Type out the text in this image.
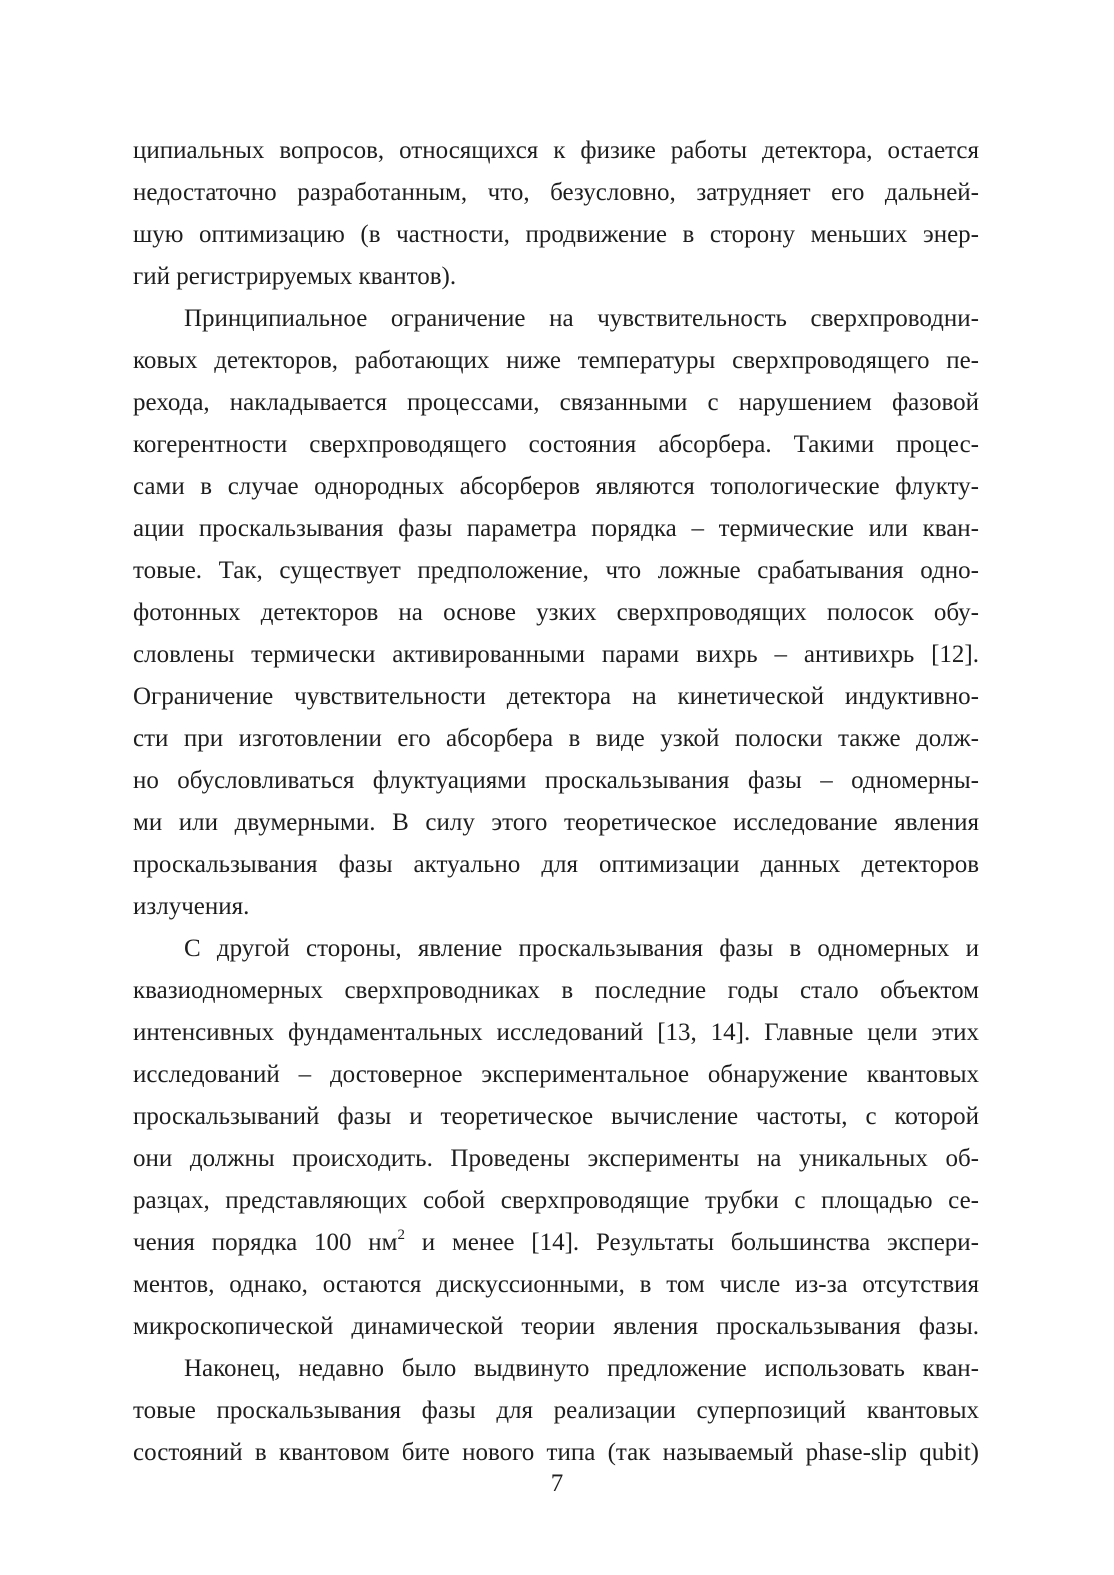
ципиальных вопросов, относящихся к физике работы детектора, остается
недостаточно разработанным, что, безусловно, затрудняет его дальней-
шую оптимизацию (в частности, продвижение в сторону меньших энер-
гий регистрируемых квантов).
Принципиальное ограничение на чувствительность сверхпроводни-
ковых детекторов, работающих ниже температуры сверхпроводящего пе-
рехода, накладывается процессами, связанными с нарушением фазовой
когерентности сверхпроводящего состояния абсорбера. Такими процес-
сами в случае однородных абсорберов являются топологические флукту-
ации проскальзывания фазы параметра порядка – термические или кван-
товые. Так, существует предположение, что ложные срабатывания одно-
фотонных детекторов на основе узких сверхпроводящих полосок обу-
словлены термически активированными парами вихрь – антивихрь [12].
Ограничение чувствительности детектора на кинетической индуктивно-
сти при изготовлении его абсорбера в виде узкой полоски также долж-
но обусловливаться флуктуациями проскальзывания фазы – одномерны-
ми или двумерными. В силу этого теоретическое исследование явления
проскальзывания фазы актуально для оптимизации данных детекторов
излучения.
С другой стороны, явление проскальзывания фазы в одномерных и
квазиодномерных сверхпроводниках в последние годы стало объектом
интенсивных фундаментальных исследований [13, 14]. Главные цели этих
исследований – достоверное экспериментальное обнаружение квантовых
проскальзываний фазы и теоретическое вычисление частоты, с которой
они должны происходить. Проведены эксперименты на уникальных об-
разцах, представляющих собой сверхпроводящие трубки с площадью се-
чения порядка 100 $нм^2$ и менее [14]. Результаты большинства экспери-
ментов, однако, остаются дискуссионными, в том числе из-за отсутствия
микроскопической динамической теории явления проскальзывания фазы.
Наконец, недавно было выдвинуто предложение использовать кван-
товые проскальзывания фазы для реализации суперпозиций квантовых
состояний в квантовом бите нового типа (так называемый phase-slip qubit)
7
